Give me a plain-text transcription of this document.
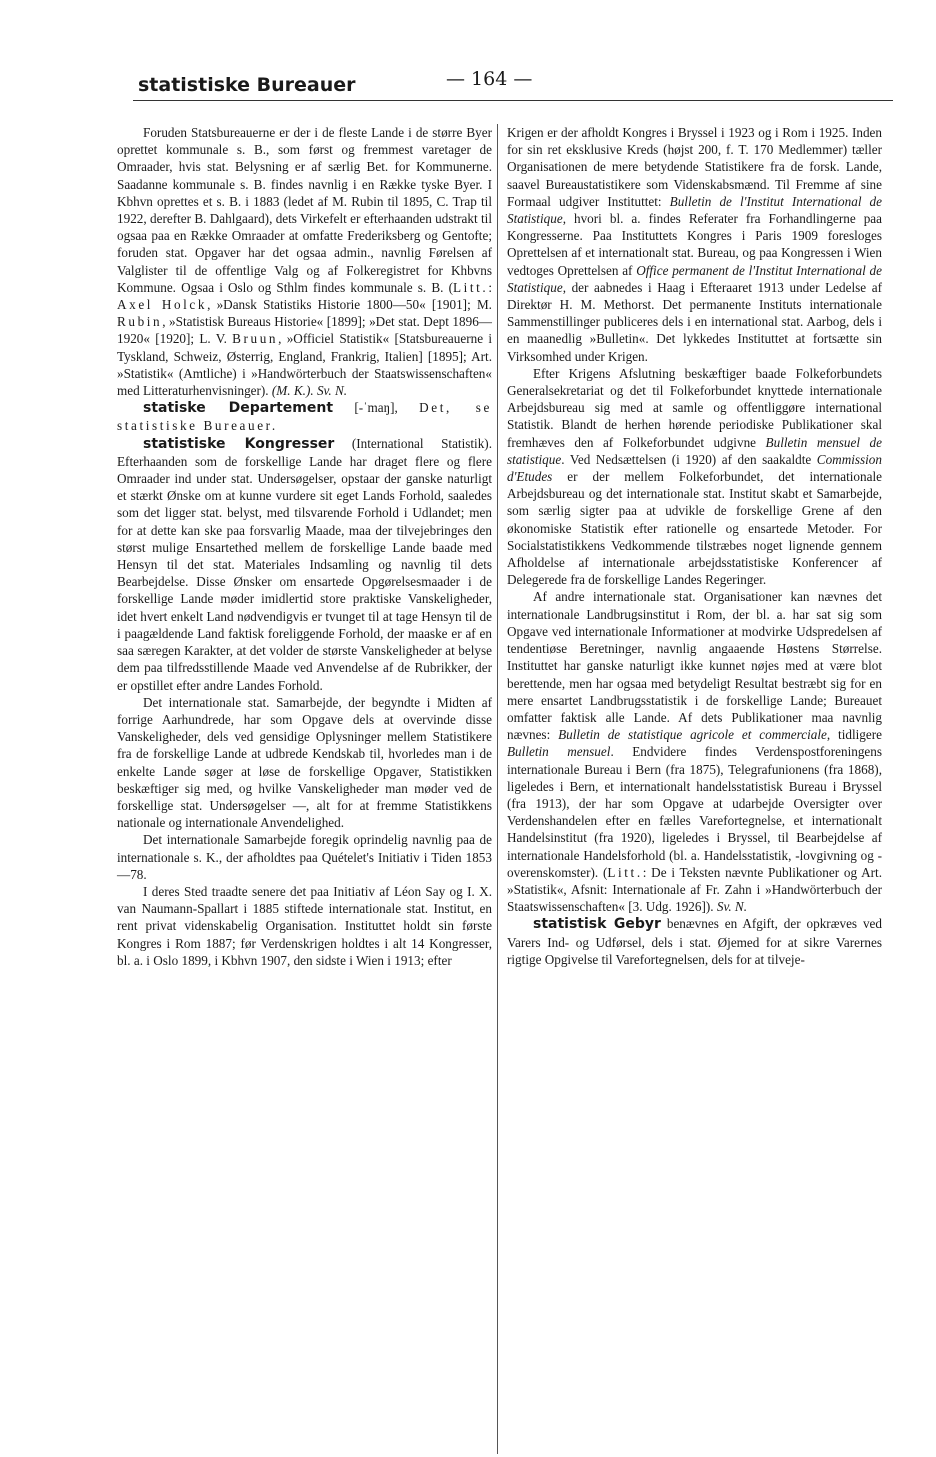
statistiske Bureauer	— 164 —

Foruden Statsbureauerne er der i de fleste Lande i de større Byer oprettet kommunale s. B., som først og fremmest varetager de Omraader, hvis stat. Belysning er af særlig Bet. for Kommunerne. Saadanne kommunale s. B. findes navnlig i en Række tyske Byer. I Kbhvn oprettes et s. B. i 1883 (ledet af M. Rubin til 1895, C. Trap til 1922, derefter B. Dahlgaard), dets Virkefelt er efterhaanden udstrakt til ogsaa paa en Række Omraader at omfatte Frederiksberg og Gentofte; foruden stat. Opgaver har det ogsaa admin., navnlig Førelsen af Valglister til de offentlige Valg og af Folkeregistret for Khbvns Kommune. Ogsaa i Oslo og Sthlm findes kommunale s. B. (Litt.: Axel Holck, »Dansk Statistiks Historie 1800—50« [1901]; M. Rubin, »Statistisk Bureaus Historie« [1899]; »Det stat. Dept 1896—1920« [1920]; L. V. Bruun, »Officiel Statistik« [Statsbureauerne i Tyskland, Schweiz, Østerrig, England, Frankrig, Italien] [1895]; Art. »Statistik« (Amtliche) i »Handwörterbuch der Staatswissenschaften« med Litteraturhenvisninger). (M. K.). Sv. N.

statiske Departement [-ˈmaŋ], Det, se statistiske Bureauer.

statistiske Kongresser (International Statistik). Efterhaanden som de forskellige Lande har draget flere og flere Omraader ind under stat. Undersøgelser, opstaar der ganske naturligt et stærkt Ønske om at kunne vurdere sit eget Lands Forhold, saaledes som det ligger stat. belyst, med tilsvarende Forhold i Udlandet; men for at dette kan ske paa forsvarlig Maade, maa der tilvejebringes den størst mulige Ensartethed mellem de forskellige Lande baade med Hensyn til det stat. Materiales Indsamling og navnlig til dets Bearbejdelse. Disse Ønsker om ensartede Opgørelsesmaader i de forskellige Lande møder imidlertid store praktiske Vanskeligheder, idet hvert enkelt Land nødvendigvis er tvunget til at tage Hensyn til de i paagældende Land faktisk foreliggende Forhold, der maaske er af en saa særegen Karakter, at det volder de største Vanskeligheder at belyse dem paa tilfredsstillende Maade ved Anvendelse af de Rubrikker, der er opstillet efter andre Landes Forhold.

Det internationale stat. Samarbejde, der begyndte i Midten af forrige Aarhundrede, har som Opgave dels at overvinde disse Vanskeligheder, dels ved gensidige Oplysninger mellem Statistikere fra de forskellige Lande at udbrede Kendskab til, hvorledes man i de enkelte Lande søger at løse de forskellige Opgaver, Statistikken beskæftiger sig med, og hvilke Vanskeligheder man møder ved de forskellige stat. Undersøgelser —, alt for at fremme Statistikkens nationale og internationale Anvendelighed.

Det internationale Samarbejde foregik oprindelig navnlig paa de internationale s. K., der afholdtes paa Quételet's Initiativ i Tiden 1853—78.

I deres Sted traadte senere det paa Initiativ af Léon Say og I. X. van Naumann-Spallart i 1885 stiftede internationale stat. Institut, en rent privat videnskabelig Organisation. Instituttet holdt sin første Kongres i Rom 1887; før Verdenskrigen holdtes i alt 14 Kongresser, bl. a. i Oslo 1899, i Kbhvn 1907, den sidste i Wien i 1913; efter

Krigen er der afholdt Kongres i Bryssel i 1923 og i Rom i 1925. Inden for sin ret eksklusive Kreds (højst 200, f. T. 170 Medlemmer) tæller Organisationen de mere betydende Statistikere fra de forsk. Lande, saavel Bureaustatistikere som Videnskabsmænd. Til Fremme af sine Formaal udgiver Instituttet: Bulletin de l'Institut International de Statistique, hvori bl. a. findes Referater fra Forhandlingerne paa Kongresserne. Paa Instituttets Kongres i Paris 1909 foresloges Oprettelsen af et internationalt stat. Bureau, og paa Kongressen i Wien vedtoges Oprettelsen af Office permanent de l'Institut International de Statistique, der aabnedes i Haag i Efteraaret 1913 under Ledelse af Direktør H. M. Methorst. Det permanente Instituts internationale Sammenstillinger publiceres dels i en international stat. Aarbog, dels i en maanedlig »Bulletin«. Det lykkedes Instituttet at fortsætte sin Virksomhed under Krigen.

Efter Krigens Afslutning beskæftiger baade Folkeforbundets Generalsekretariat og det til Folkeforbundet knyttede internationale Arbejdsbureau sig med at samle og offentliggøre international Statistik. Blandt de herhen hørende periodiske Publikationer skal fremhæves den af Folkeforbundet udgivne Bulletin mensuel de statistique. Ved Nedsættelsen (i 1920) af den saakaldte Commission d'Etudes er der mellem Folkeforbundet, det internationale Arbejdsbureau og det internationale stat. Institut skabt et Samarbejde, som særlig sigter paa at udvikle de forskellige Grene af den økonomiske Statistik efter rationelle og ensartede Metoder. For Socialstatistikkens Vedkommende tilstræbes noget lignende gennem Afholdelse af internationale arbejdsstatistiske Konferencer af Delegerede fra de forskellige Landes Regeringer.

Af andre internationale stat. Organisationer kan nævnes det internationale Landbrugsinstitut i Rom, der bl. a. har sat sig som Opgave ved internationale Informationer at modvirke Udspredelsen af tendentiøse Beretninger, navnlig angaaende Høstens Størrelse. Instituttet har ganske naturligt ikke kunnet nøjes med at være blot berettende, men har ogsaa med betydeligt Resultat bestræbt sig for en mere ensartet Landbrugsstatistik i de forskellige Lande; Bureauet omfatter faktisk alle Lande. Af dets Publikationer maa navnlig nævnes: Bulletin de statistique agricole et commerciale, tidligere Bulletin mensuel. Endvidere findes Verdenspostforeningens internationale Bureau i Bern (fra 1875), Telegrafunionens (fra 1868), ligeledes i Bern, et internationalt handelsstatistisk Bureau i Bryssel (fra 1913), der har som Opgave at udarbejde Oversigter over Verdenshandelen efter en fælles Varefortegnelse, et internationalt Handelsinstitut (fra 1920), ligeledes i Bryssel, til Bearbejdelse af internationale Handelsforhold (bl. a. Handelsstatistik, -lovgivning og -overenskomster). (Litt.: De i Teksten nævnte Publikationer og Art. »Statistik«, Afsnit: Internationale af Fr. Zahn i »Handwörterbuch der Staatswissenschaften« [3. Udg. 1926]). Sv. N.

statistisk Gebyr benævnes en Afgift, der opkræves ved Varers Ind- og Udførsel, dels i stat. Øjemed for at sikre Varernes rigtige Opgivelse til Varefortegnelsen, dels for at tilveje-
